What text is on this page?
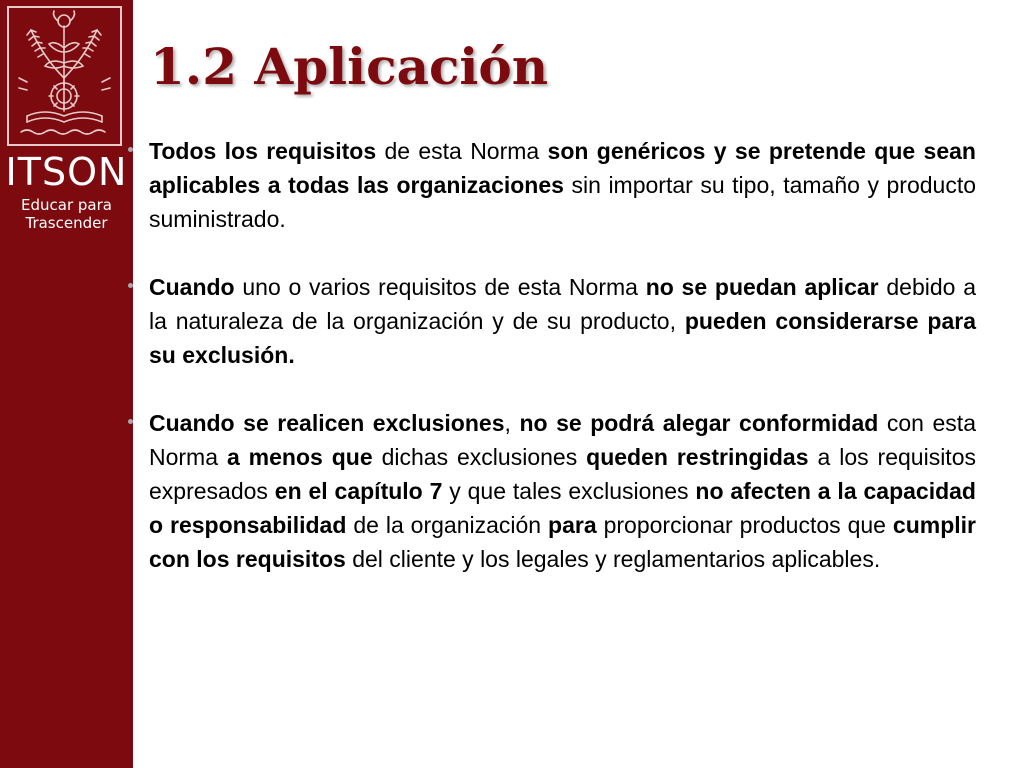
ITSON
Educar para
Trascender
1.2 Aplicación
Todos los requisitos de esta Norma son genéricos y se pretende que sean aplicables a todas las organizaciones sin importar su tipo, tamaño y producto suministrado.
Cuando uno o varios requisitos de esta Norma no se puedan aplicar debido a la naturaleza de la organización y de su producto, pueden considerarse para su exclusión.
Cuando se realicen exclusiones, no se podrá alegar conformidad con esta Norma a menos que dichas exclusiones queden restringidas a los requisitos expresados en el capítulo 7 y que tales exclusiones no afecten a la capacidad o responsabilidad de la organización para proporcionar productos que cumplir con los requisitos del cliente y los legales y reglamentarios aplicables.
